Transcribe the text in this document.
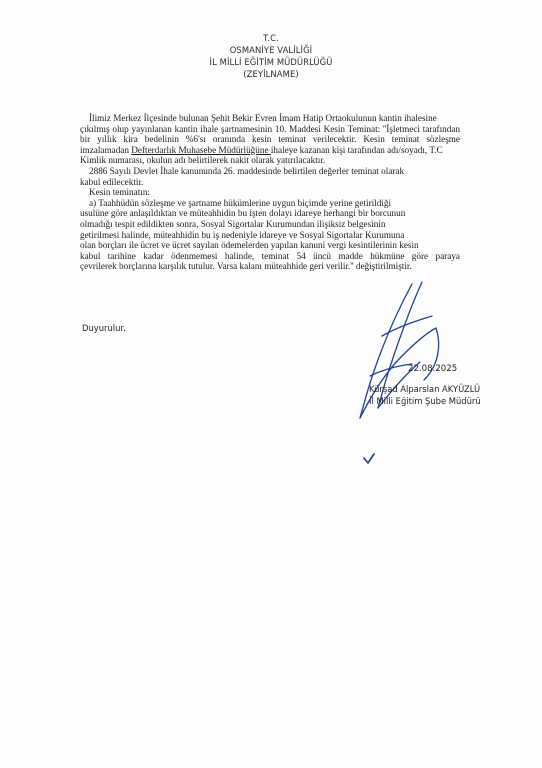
T.C.
OSMANİYE VALİLİĞİ
İL MİLLİ EĞİTİM MÜDÜRLÜĞÜ
(ZEYİLNAME)
İlimiz Merkez İlçesinde bulunan Şehit Bekir Evren İmam Hatip Ortaokulunun kantin ihalesine
çıkılmış olup yayınlanan kantin ihale şartnamesinin 10. Maddesi Kesin Teminat: ''İşletmeci tarafından
bir yıllık kira bedelinin %6'sı oranında kesin teminat verilecektir. Kesin teminat sözleşme
imzalamadan Defterdarlık Muhasebe Müdürlüğüne ihaleye kazanan kişi tarafından adı/soyadı, T.C
Kimlik numarası, okulun adı belirtilerek nakit olarak yatırılacaktır.
2886 Sayılı Devlet İhale kanununda 26. maddesinde belirtilen değerler teminat olarak
kabul edilecektir.
Kesin teminatın:
a) Taahhüdün sözleşme ve şartname hükümlerine uygun biçimde yerine getirildiği
usulüne göre anlaşıldıktan ve müteahhidin bu işten dolayı idareye herhangi bir borcunun
olmadığı tespit edildikten sonra, Sosyal Sigortalar Kurumundan ilişiksiz belgesinin
getirilmesi halinde, müteahhidin bu iş nedeniyle idareye ve Sosyal Sigortalar Kurumuna
olan borçları ile ücret ve ücret sayılan ödemelerden yapılan kanuni vergi kesintilerinin kesin
kabul tarihine kadar ödenmemesi halinde, teminat 54 üncü madde hükmüne göre paraya
çevrilerek borçlarına karşılık tutulur. Varsa kalanı müteahhide geri verilir.'' değiştirilmiştir.
Duyurulur.
22.08.2025
Kürşad Alparslan AKYÜZLÜ
İl Milli Eğitim Şube Müdürü
